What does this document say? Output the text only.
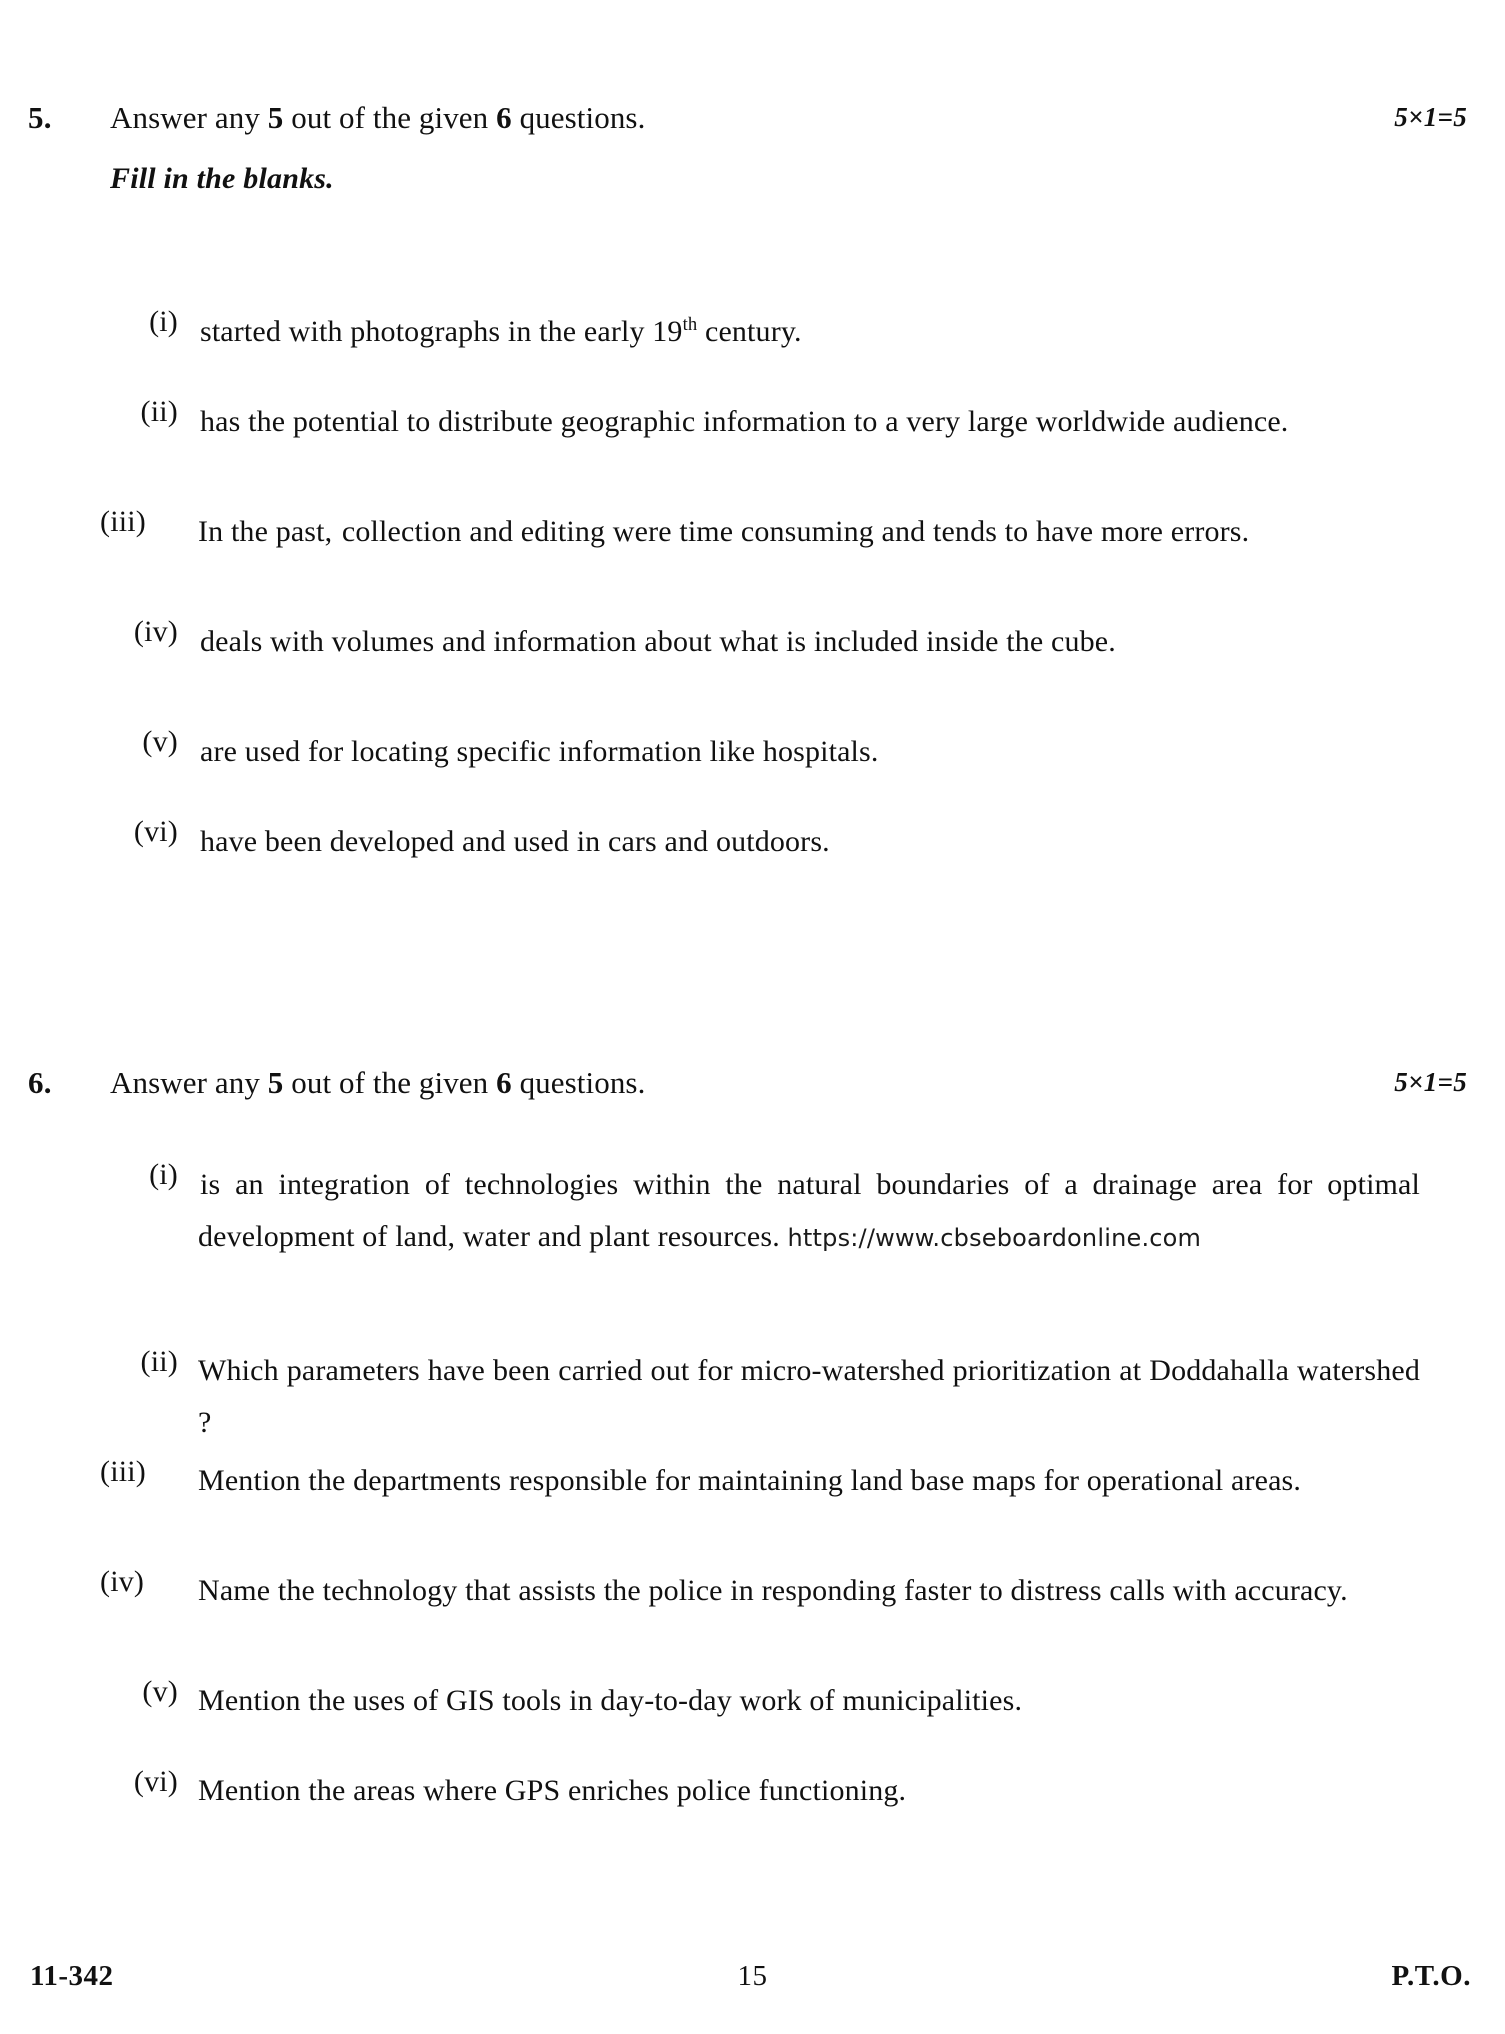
5. Answer any 5 out of the given 6 questions.	5×1=5
Fill in the blanks.
(i) started with photographs in the early 19th century.
(ii) has the potential to distribute geographic information to a very large worldwide audience.
(iii)	In the past, collection and editing were time consuming and tends to have more errors.
(iv) deals with volumes and information about what is included inside the cube.
(v) are used for locating specific information like hospitals.
(vi) have been developed and used in cars and outdoors.
6. Answer any 5 out of the given 6 questions.	5×1=5
(i) is an integration of technologies within the natural boundaries of a drainage area for optimal development of land, water and plant resources. https://www.cbseboardonline.com
(ii) Which parameters have been carried out for micro-watershed prioritization at Doddahalla watershed ?
(iii)	Mention the departments responsible for maintaining land base maps for operational areas.
(iv)	Name the technology that assists the police in responding faster to distress calls with accuracy.
(v) Mention the uses of GIS tools in day-to-day work of municipalities.
(vi) Mention the areas where GPS enriches police functioning.
11-342	15	P.T.O.
